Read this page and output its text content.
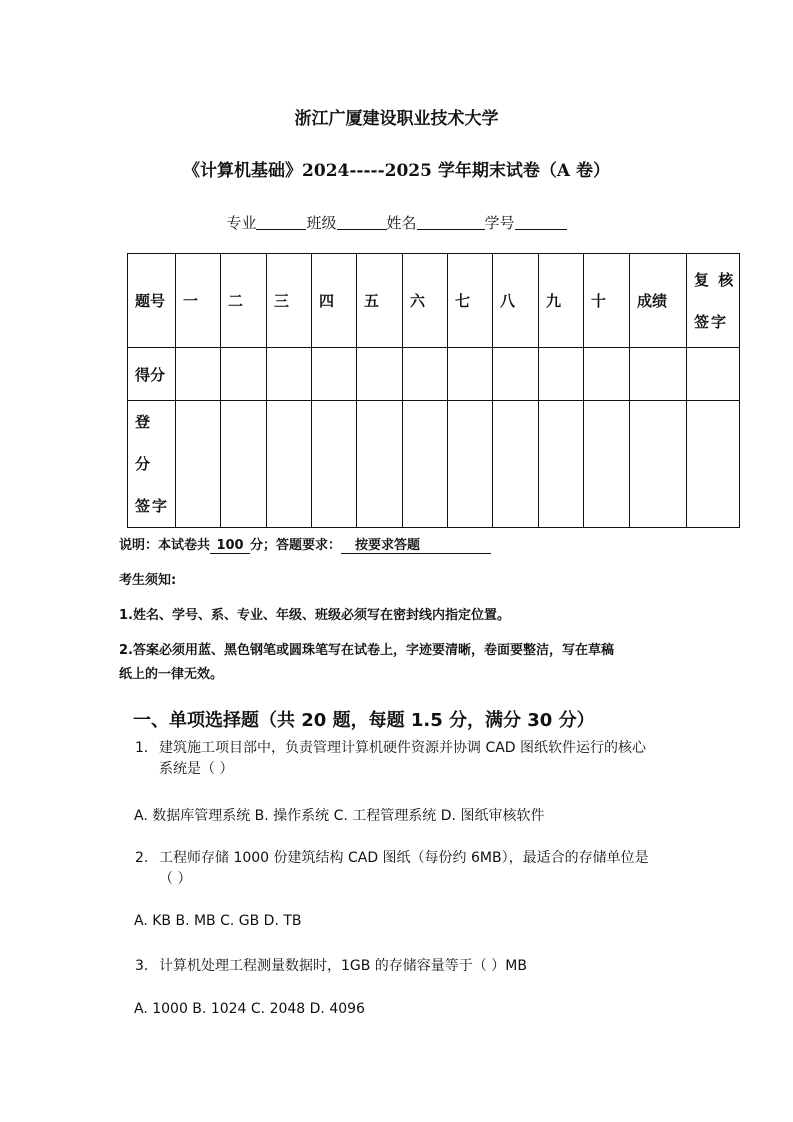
浙江广厦建设职业技术大学
《计算机基础》2024-----2025 学年期末试卷（A 卷）
专业	班级	姓名	学号
题号	一	二	三	四	五	六	七	八	九	十	成绩	复 核
签字

得分												

登 分
签字												

说明：本试卷共 100 分；答题要求： 按要求答题
考生须知:
1.姓名、学号、系、专业、年级、班级必须写在密封线内指定位置。
2.答案必须用蓝、黑色钢笔或圆珠笔写在试卷上，字迹要清晰，卷面要整洁，写在草稿
纸上的一律无效。
一、单项选择题（共 20 题，每题 1.5 分，满分 30 分）
1. 建筑施工项目部中，负责管理计算机硬件资源并协调 CAD 图纸软件运行的核心
系统是（ ）
A. 数据库管理系统 B. 操作系统 C. 工程管理系统 D. 图纸审核软件
2. 工程师存储 1000 份建筑结构 CAD 图纸（每份约 6MB），最适合的存储单位是
（ ）
A. KB B. MB C. GB D. TB
3. 计算机处理工程测量数据时，1GB 的存储容量等于（ ）MB
A. 1000 B. 1024 C. 2048 D. 4096
